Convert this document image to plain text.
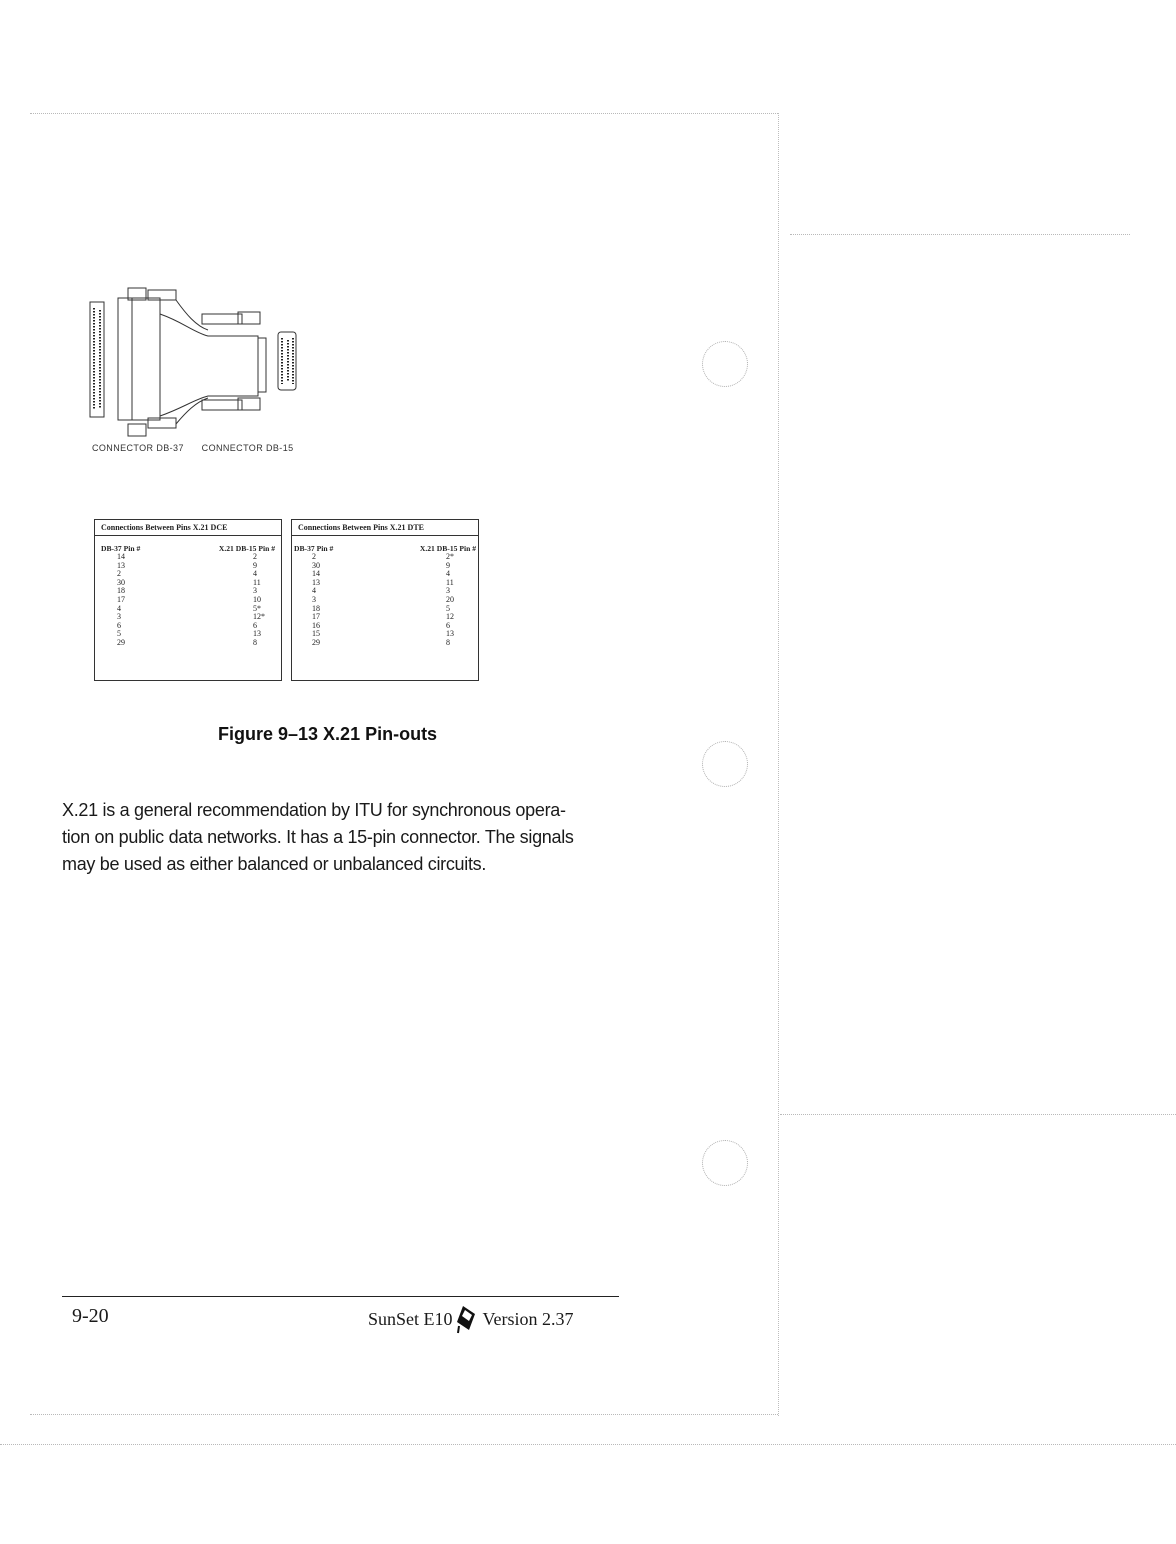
CONNECTOR DB-37 CONNECTOR DB-15
Connections Between Pins X.21 DCE
DB-37 Pin #	X.21 DB-15 Pin #
14	2
13	9
2	4
30	11
18	3
17	10
4	5*
3	12*
6	6
5	13
29	8
Connections Between Pins X.21 DTE
DB-37 Pin #	X.21 DB-15 Pin #
2	2*
30	9
14	4
13	11
4	3
3	20
18	5
17	12
16	6
15	13
29	8
Figure 9–13 X.21 Pin-outs
X.21 is a general recommendation by ITU for synchronous opera-
tion on public data networks. It has a 15-pin connector. The signals
may be used as either balanced or unbalanced circuits.
9-20	SunSet E10 Version 2.37
